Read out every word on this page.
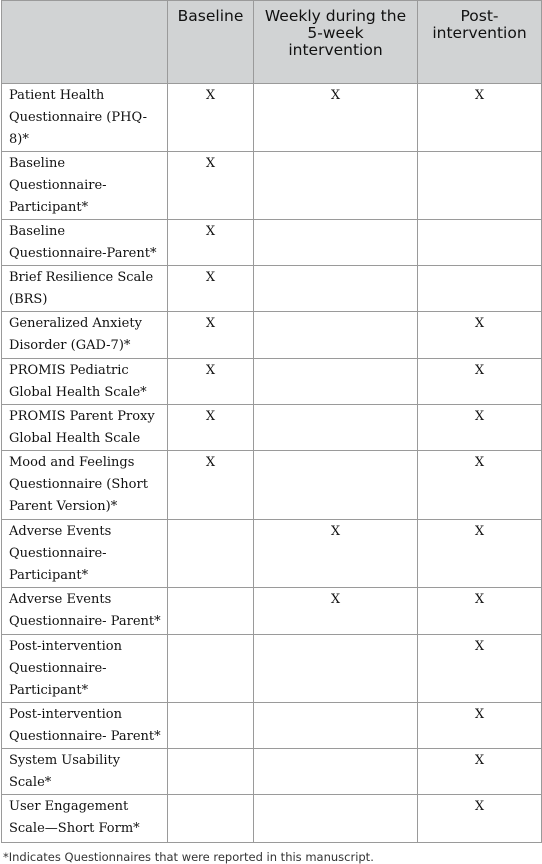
	Baseline	Weekly during the 5-week intervention	Post-intervention
Patient Health Questionnaire (PHQ-8)*	X	X	X
Baseline Questionnaire-Participant*	X		
Baseline Questionnaire-Parent*	X		
Brief Resilience Scale (BRS)	X		
Generalized Anxiety Disorder (GAD-7)*	X		X
PROMIS Pediatric Global Health Scale*	X		X
PROMIS Parent Proxy Global Health Scale	X		X
Mood and Feelings Questionnaire (Short Parent Version)*	X		X
Adverse Events Questionnaire-Participant*		X	X
Adverse Events Questionnaire- Parent*		X	X
Post-intervention Questionnaire-Participant*			X
Post-intervention Questionnaire- Parent*			X
System Usability Scale*			X
User Engagement Scale—Short Form*			X
*Indicates Questionnaires that were reported in this manuscript.
